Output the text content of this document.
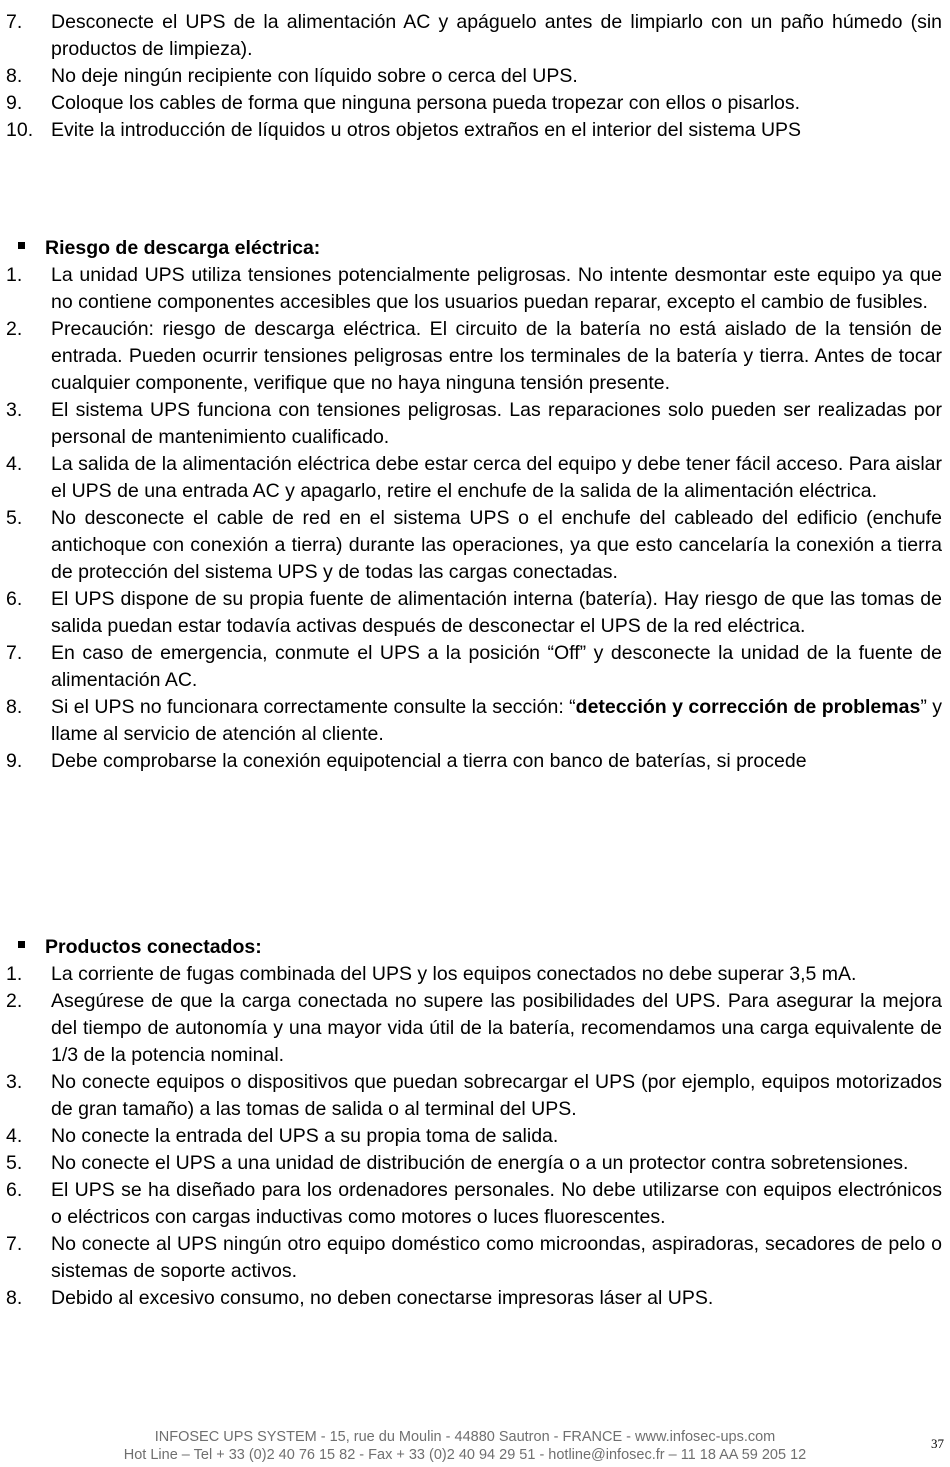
7. Desconecte el UPS de la alimentación AC y apáguelo antes de limpiarlo con un paño húmedo (sin productos de limpieza).
8. No deje ningún recipiente con líquido sobre o cerca del UPS.
9. Coloque los cables de forma que ninguna persona pueda tropezar con ellos o pisarlos.
10. Evite la introducción de líquidos u otros objetos extraños en el interior del sistema UPS
Riesgo de descarga eléctrica:
1. La unidad UPS utiliza tensiones potencialmente peligrosas. No intente desmontar este equipo ya que no contiene componentes accesibles que los usuarios puedan reparar, excepto el cambio de fusibles.
2. Precaución: riesgo de descarga eléctrica. El circuito de la batería no está aislado de la tensión de entrada. Pueden ocurrir tensiones peligrosas entre los terminales de la batería y tierra. Antes de tocar cualquier componente, verifique que no haya ninguna tensión presente.
3. El sistema UPS funciona con tensiones peligrosas. Las reparaciones solo pueden ser realizadas por personal de mantenimiento cualificado.
4. La salida de la alimentación eléctrica debe estar cerca del equipo y debe tener fácil acceso. Para aislar el UPS de una entrada AC y apagarlo, retire el enchufe de la salida de la alimentación eléctrica.
5. No desconecte el cable de red en el sistema UPS o el enchufe del cableado del edificio (enchufe antichoque con conexión a tierra) durante las operaciones, ya que esto cancelaría la conexión a tierra de protección del sistema UPS y de todas las cargas conectadas.
6. El UPS dispone de su propia fuente de alimentación interna (batería). Hay riesgo de que las tomas de salida puedan estar todavía activas después de desconectar el UPS de la red eléctrica.
7. En caso de emergencia, conmute el UPS a la posición “Off” y desconecte la unidad de la fuente de alimentación AC.
8. Si el UPS no funcionara correctamente consulte la sección: “detección y corrección de problemas” y llame al servicio de atención al cliente.
9. Debe comprobarse la conexión equipotencial a tierra con banco de baterías, si procede
Productos conectados:
1. La corriente de fugas combinada del UPS y los equipos conectados no debe superar 3,5 mA.
2. Asegúrese de que la carga conectada no supere las posibilidades del UPS. Para asegurar la mejora del tiempo de autonomía y una mayor vida útil de la batería, recomendamos una carga equivalente de 1/3 de la potencia nominal.
3. No conecte equipos o dispositivos que puedan sobrecargar el UPS (por ejemplo, equipos motorizados de gran tamaño) a las tomas de salida o al terminal del UPS.
4. No conecte la entrada del UPS a su propia toma de salida.
5. No conecte el UPS a una unidad de distribución de energía o a un protector contra sobretensiones.
6. El UPS se ha diseñado para los ordenadores personales. No debe utilizarse con equipos electrónicos o eléctricos con cargas inductivas como motores o luces fluorescentes.
7. No conecte al UPS ningún otro equipo doméstico como microondas, aspiradoras, secadores de pelo o sistemas de soporte activos.
8. Debido al excesivo consumo, no deben conectarse impresoras láser al UPS.
INFOSEC UPS SYSTEM - 15, rue du Moulin - 44880 Sautron - FRANCE - www.infosec-ups.com
Hot Line – Tel + 33 (0)2 40 76 15 82 - Fax + 33 (0)2 40 94 29 51 - hotline@infosec.fr – 11 18 AA 59 205 12
37
